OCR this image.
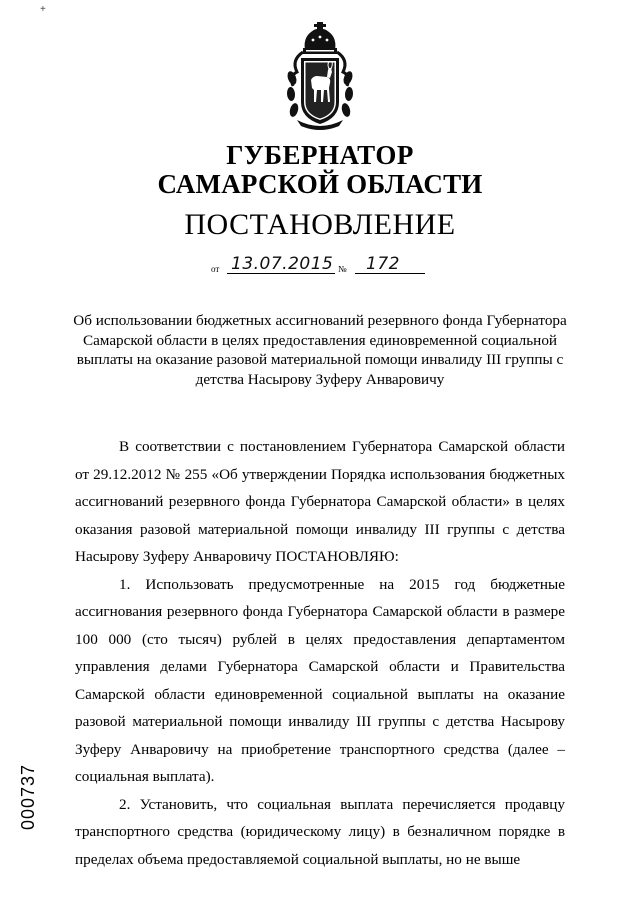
+
ГУБЕРНАТОР
САМАРСКОЙ ОБЛАСТИ
ПОСТАНОВЛЕНИЕ
от 13.07.2015 № 172
Об использовании бюджетных ассигнований резервного фонда Губернатора Самарской области в целях предоставления единовременной социальной выплаты на оказание разовой материальной помощи инвалиду III группы с детства Насырову Зуферу Анваровичу

В соответствии с постановлением Губернатора Самарской области от 29.12.2012 № 255 «Об утверждении Порядка использования бюджетных ассигнований резервного фонда Губернатора Самарской области» в целях оказания разовой материальной помощи инвалиду III группы с детства Насырову Зуферу Анваровичу ПОСТАНОВЛЯЮ:

1. Использовать предусмотренные на 2015 год бюджетные ассигнования резервного фонда Губернатора Самарской области в размере 100 000 (сто тысяч) рублей в целях предоставления департаментом управления делами Губернатора Самарской области и Правительства Самарской области единовременной социальной выплаты на оказание разовой материальной помощи инвалиду III группы с детства Насырову Зуферу Анваровичу на приобретение транспортного средства (далее – социальная выплата).

2. Установить, что социальная выплата перечисляется продавцу транспортного средства (юридическому лицу) в безналичном порядке в пределах объема предоставляемой социальной выплаты, но не выше

000737
